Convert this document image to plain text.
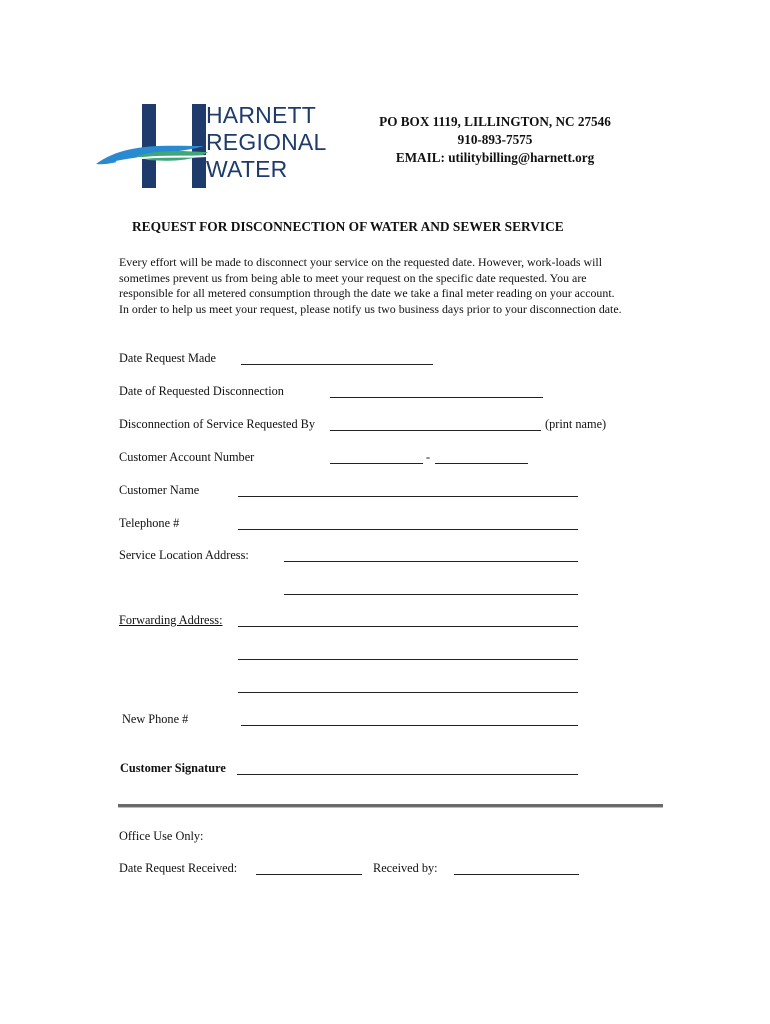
HARNETT
REGIONAL
WATER
PO BOX 1119, LILLINGTON, NC 27546
910-893-7575
EMAIL: utilitybilling@harnett.org
REQUEST FOR DISCONNECTION OF WATER AND SEWER SERVICE
Every effort will be made to disconnect your service on the requested date. However, work-loads will
sometimes prevent us from being able to meet your request on the specific date requested. You are
responsible for all metered consumption through the date we take a final meter reading on your account.
In order to help us meet your request, please notify us two business days prior to your disconnection date.
Date Request Made
Date of Requested Disconnection
Disconnection of Service Requested By	(print name)
Customer Account Number	-
Customer Name
Telephone #
Service Location Address:
Forwarding Address:
New Phone #
Customer Signature
Office Use Only:
Date Request Received:	Received by:
